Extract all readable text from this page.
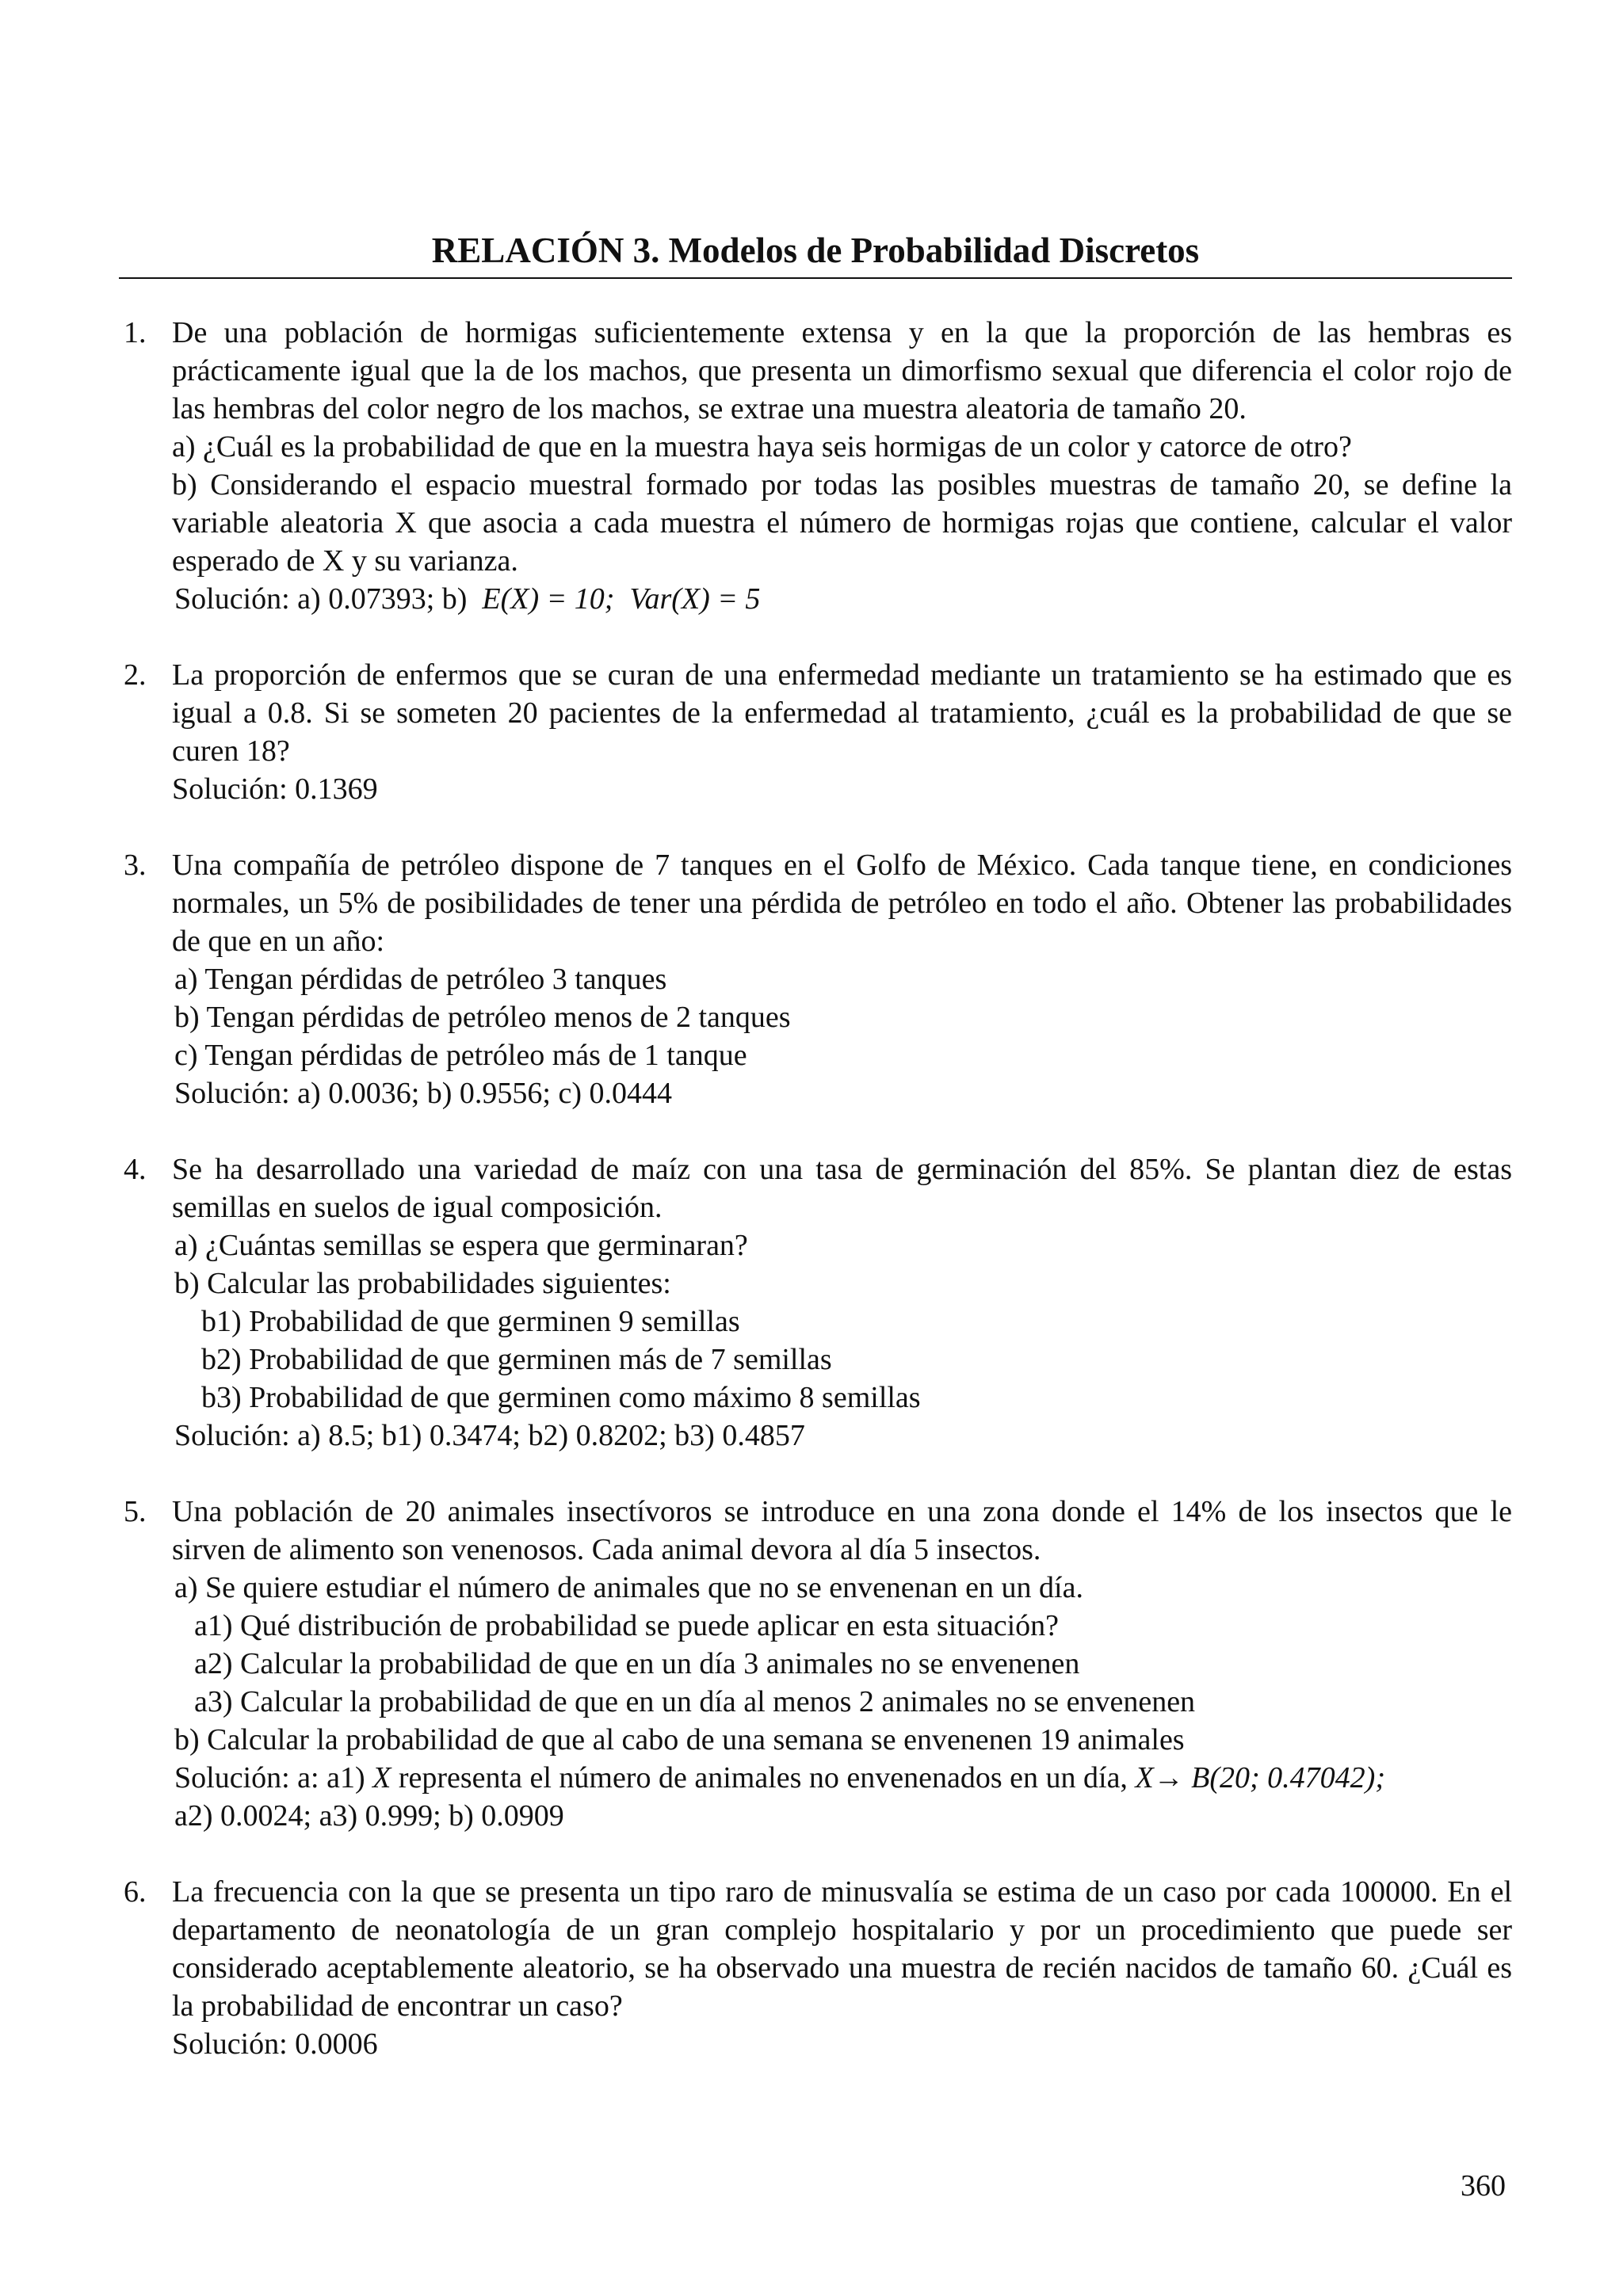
RELACIÓN 3. Modelos de Probabilidad Discretos
1. De una población de hormigas suficientemente extensa y en la que la proporción de las hembras es prácticamente igual que la de los machos, que presenta un dimorfismo sexual que diferencia el color rojo de las hembras del color negro de los machos, se extrae una muestra aleatoria de tamaño 20.
a) ¿Cuál es la probabilidad de que en la muestra haya seis hormigas de un color y catorce de otro?
b) Considerando el espacio muestral formado por todas las posibles muestras de tamaño 20, se define la variable aleatoria X que asocia a cada muestra el número de hormigas rojas que contiene, calcular el valor esperado de X y su varianza.
Solución: a) 0.07393; b) E(X) = 10; Var(X) = 5
2. La proporción de enfermos que se curan de una enfermedad mediante un tratamiento se ha estimado que es igual a 0.8. Si se someten 20 pacientes de la enfermedad al tratamiento, ¿cuál es la probabilidad de que se curen 18?
Solución: 0.1369
3. Una compañía de petróleo dispone de 7 tanques en el Golfo de México. Cada tanque tiene, en condiciones normales, un 5% de posibilidades de tener una pérdida de petróleo en todo el año. Obtener las probabilidades de que en un año:
a) Tengan pérdidas de petróleo 3 tanques
b) Tengan pérdidas de petróleo menos de 2 tanques
c) Tengan pérdidas de petróleo más de 1 tanque
Solución: a) 0.0036; b) 0.9556; c) 0.0444
4. Se ha desarrollado una variedad de maíz con una tasa de germinación del 85%. Se plantan diez de estas semillas en suelos de igual composición.
a) ¿Cuántas semillas se espera que germinaran?
b) Calcular las probabilidades siguientes:
b1) Probabilidad de que germinen 9 semillas
b2) Probabilidad de que germinen más de 7 semillas
b3) Probabilidad de que germinen como máximo 8 semillas
Solución: a) 8.5; b1) 0.3474; b2) 0.8202; b3) 0.4857
5. Una población de 20 animales insectívoros se introduce en una zona donde el 14% de los insectos que le sirven de alimento son venenosos. Cada animal devora al día 5 insectos.
a) Se quiere estudiar el número de animales que no se envenenan en un día.
a1) Qué distribución de probabilidad se puede aplicar en esta situación?
a2) Calcular la probabilidad de que en un día 3 animales no se envenenen
a3) Calcular la probabilidad de que en un día al menos 2 animales no se envenenen
b) Calcular la probabilidad de que al cabo de una semana se envenenen 19 animales
Solución: a: a1) X representa el número de animales no envenenados en un día, X→ B(20; 0.47042);
a2) 0.0024; a3) 0.999; b) 0.0909
6. La frecuencia con la que se presenta un tipo raro de minusvalía se estima de un caso por cada 100000. En el departamento de neonatología de un gran complejo hospitalario y por un procedimiento que puede ser considerado aceptablemente aleatorio, se ha observado una muestra de recién nacidos de tamaño 60. ¿Cuál es la probabilidad de encontrar un caso?
Solución: 0.0006
360
